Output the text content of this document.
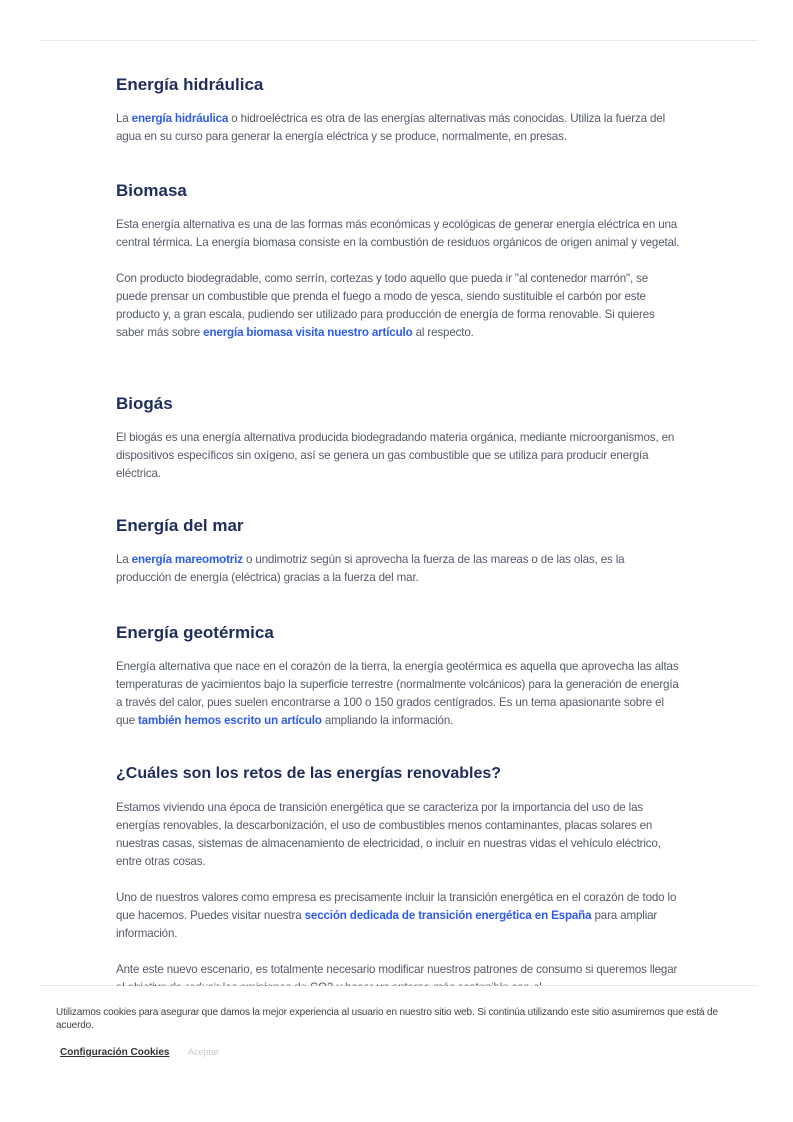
Energía hidráulica

La energía hidráulica o hidroeléctrica es otra de las energías alternativas más conocidas. Utiliza la fuerza del agua en su curso para generar la energía eléctrica y se produce, normalmente, en presas.

Biomasa

Esta energía alternativa es una de las formas más económicas y ecológicas de generar energía eléctrica en una central térmica. La energía biomasa consiste en la combustión de residuos orgánicos de origen animal y vegetal.

Con producto biodegradable, como serrín, cortezas y todo aquello que pueda ir "al contenedor marrón", se puede prensar un combustible que prenda el fuego a modo de yesca, siendo sustituible el carbón por este producto y, a gran escala, pudiendo ser utilizado para producción de energía de forma renovable. Si quieres saber más sobre energía biomasa visita nuestro artículo al respecto.

Biogás

El biogás es una energía alternativa producida biodegradando materia orgánica, mediante microorganismos, en dispositivos específicos sin oxígeno, así se genera un gas combustible que se utiliza para producir energía eléctrica.

Energía del mar

La energía mareomotriz o undimotriz según si aprovecha la fuerza de las mareas o de las olas, es la producción de energía (eléctrica) gracias a la fuerza del mar.

Energía geotérmica

Energía alternativa que nace en el corazón de la tierra, la energía geotérmica es aquella que aprovecha las altas temperaturas de yacimientos bajo la superficie terrestre (normalmente volcánicos) para la generación de energía a través del calor, pues suelen encontrarse a 100 o 150 grados centígrados. Es un tema apasionante sobre el que también hemos escrito un artículo ampliando la información.

¿Cuáles son los retos de las energías renovables?

Estamos viviendo una época de transición energética que se caracteriza por la importancia del uso de las energías renovables, la descarbonización, el uso de combustibles menos contaminantes, placas solares en nuestras casas, sistemas de almacenamiento de electricidad, o incluir en nuestras vidas el vehículo eléctrico, entre otras cosas.

Uno de nuestros valores como empresa es precisamente incluir la transición energética en el corazón de todo lo que hacemos. Puedes visitar nuestra sección dedicada de transición energética en España para ampliar información.

Ante este nuevo escenario, es totalmente necesario modificar nuestros patrones de consumo si queremos llegar

Utilizamos cookies para asegurar que damos la mejor experiencia al usuario en nuestro sitio web. Si continúa utilizando este sitio asumiremos que está de acuerdo.

Configuración Cookies Aceptar
